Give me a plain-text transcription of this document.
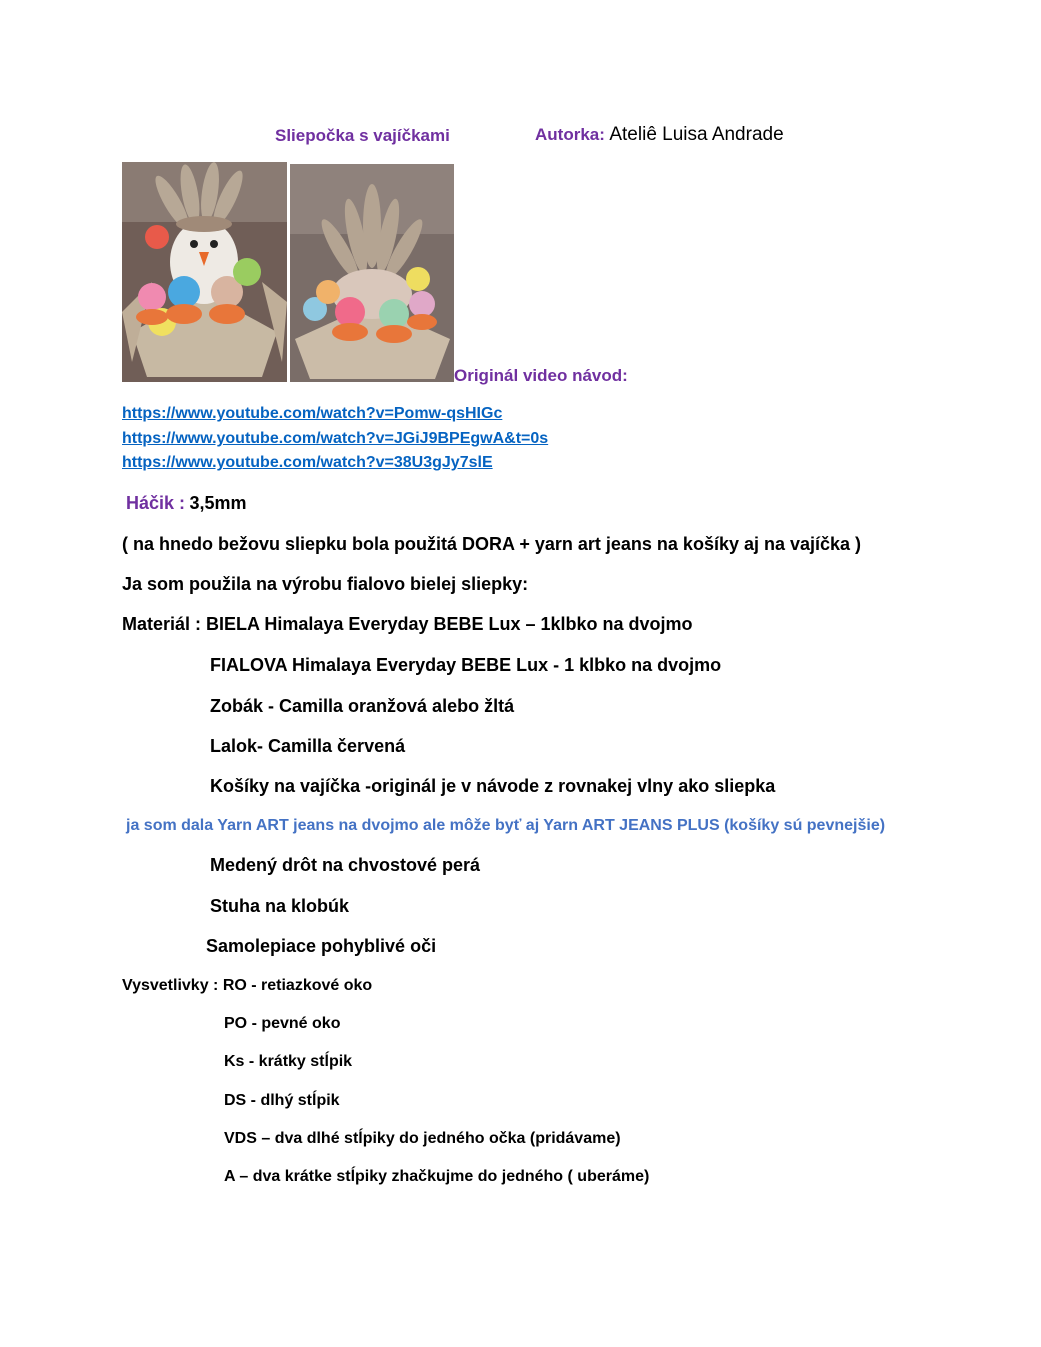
Sliepočka s vajíčkami	Autorka: Ateliê Luisa Andrade
Originál video návod:
https://www.youtube.com/watch?v=Pomw-qsHIGc
https://www.youtube.com/watch?v=JGiJ9BPEgwA&t=0s
https://www.youtube.com/watch?v=38U3gJy7slE
Háčik : 3,5mm
( na hnedo bežovu sliepku bola použitá DORA + yarn art jeans na košíky aj na vajíčka )
Ja som použila na výrobu fialovo bielej sliepky:
Materiál : BIELA Himalaya Everyday BEBE Lux – 1klbko na dvojmo
FIALOVA Himalaya Everyday BEBE Lux - 1 klbko na dvojmo
Zobák - Camilla oranžová alebo žltá
Lalok- Camilla červená
Košíky na vajíčka -originál je v návode z rovnakej vlny ako sliepka
ja som dala Yarn ART jeans na dvojmo ale môže byť aj Yarn ART JEANS PLUS (košíky sú pevnejšie)
Medený drôt na chvostové perá
Stuha na klobúk
Samolepiace pohyblivé oči
Vysvetlivky : RO - retiazkové oko
PO - pevné oko
Ks - krátky stĺpik
DS - dlhý stĺpik
VDS – dva dlhé stĺpiky do jedného očka (pridávame)
A – dva krátke stĺpiky zhačkujme do jedného ( uberáme)
